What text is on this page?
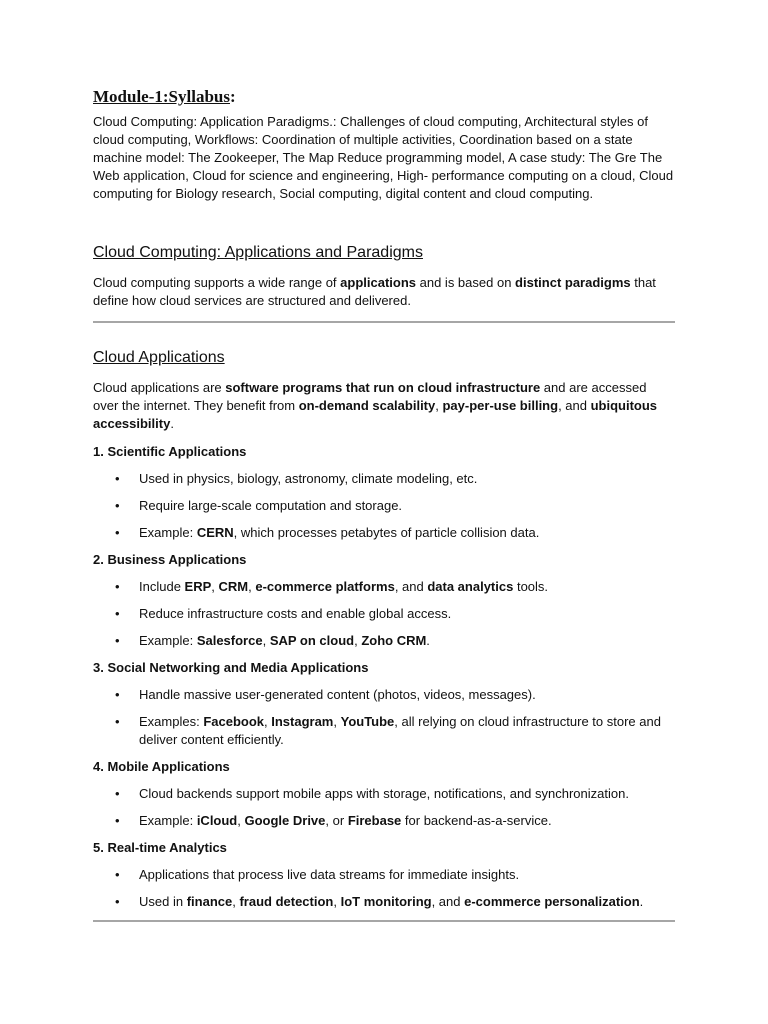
Module-1:Syllabus:

Cloud Computing: Application Paradigms.: Challenges of cloud computing, Architectural styles of cloud computing, Workflows: Coordination of multiple activities, Coordination based on a state machine model: The Zookeeper, The Map Reduce programming model, A case study: The Gre The Web application, Cloud for science and engineering, High- performance computing on a cloud, Cloud computing for Biology research, Social computing, digital content and cloud computing.

Cloud Computing: Applications and Paradigms

Cloud computing supports a wide range of applications and is based on distinct paradigms that define how cloud services are structured and delivered.

Cloud Applications

Cloud applications are software programs that run on cloud infrastructure and are accessed over the internet. They benefit from on-demand scalability, pay-per-use billing, and ubiquitous accessibility.

1. Scientific Applications
• Used in physics, biology, astronomy, climate modeling, etc.
• Require large-scale computation and storage.
• Example: CERN, which processes petabytes of particle collision data.
2. Business Applications
• Include ERP, CRM, e-commerce platforms, and data analytics tools.
• Reduce infrastructure costs and enable global access.
• Example: Salesforce, SAP on cloud, Zoho CRM.
3. Social Networking and Media Applications
• Handle massive user-generated content (photos, videos, messages).
• Examples: Facebook, Instagram, YouTube, all relying on cloud infrastructure to store and deliver content efficiently.
4. Mobile Applications
• Cloud backends support mobile apps with storage, notifications, and synchronization.
• Example: iCloud, Google Drive, or Firebase for backend-as-a-service.
5. Real-time Analytics
• Applications that process live data streams for immediate insights.
• Used in finance, fraud detection, IoT monitoring, and e-commerce personalization.
